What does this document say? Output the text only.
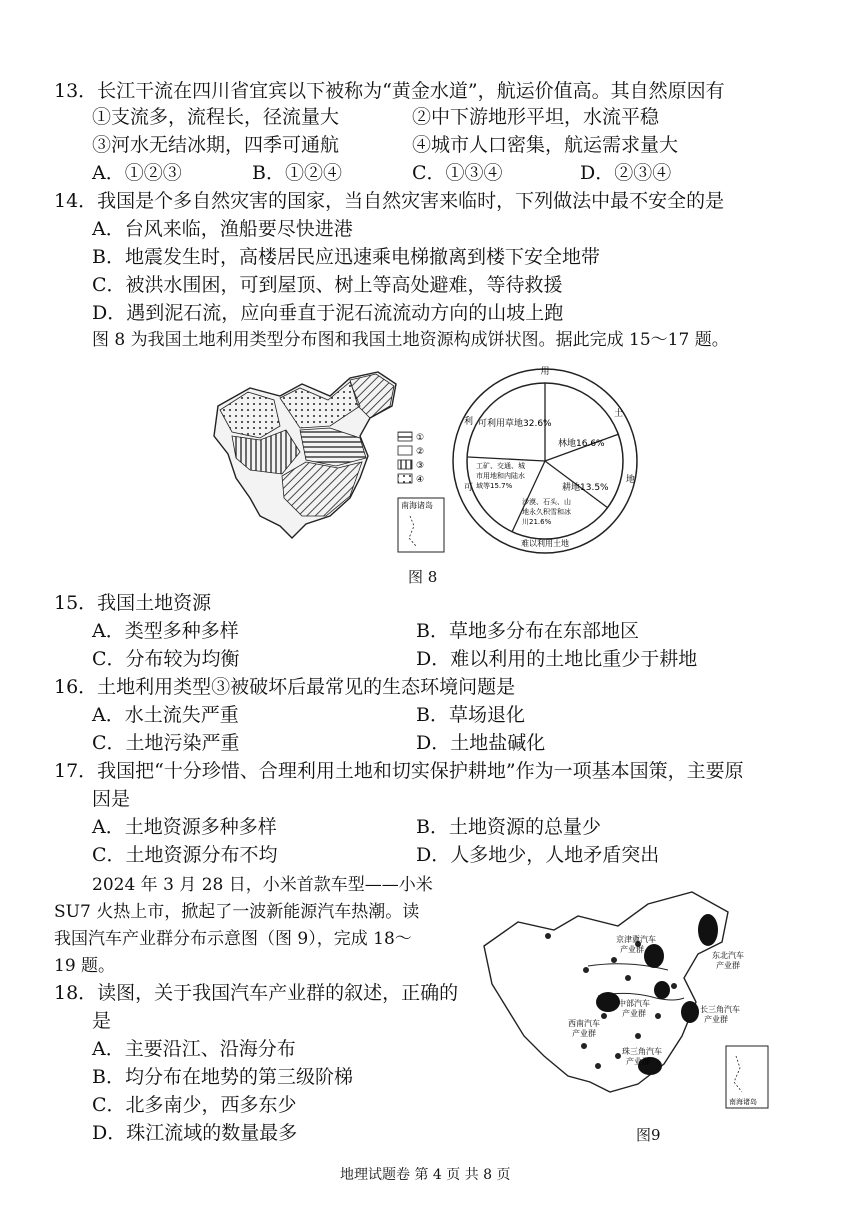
13．长江干流在四川省宜宾以下被称为“黄金水道”，航运价值高。其自然原因有
①支流多，流程长，径流量大	②中下游地形平坦，水流平稳
③河水无结冰期，四季可通航	④城市人口密集，航运需求量大
A．①②③	B．①②④	C．①③④	D．②③④
14．我国是个多自然灾害的国家，当自然灾害来临时，下列做法中最不安全的是
A．台风来临，渔船要尽快进港
B．地震发生时，高楼居民应迅速乘电梯撤离到楼下安全地带
C．被洪水围困，可到屋顶、树上等高处避难，等待救援
D．遇到泥石流，应向垂直于泥石流流动方向的山坡上跑
图 8 为我国土地利用类型分布图和我国土地资源构成饼状图。据此完成 15～17 题。
①
②
③
④
南海诸岛
用
土
地
利
可
难以利用土地
可利用草地32.6%
林地16.6%
耕地13.5%
工矿、交通、城
市用地和内陆水
域等15.7%
沙漠、石头、山
地永久积雪和冰
川21.6%
图 8
15．我国土地资源
A．类型多种多样	B．草地多分布在东部地区
C．分布较为均衡	D．难以利用的土地比重少于耕地
16．土地利用类型③被破坏后最常见的生态环境问题是
A．水土流失严重	B．草场退化
C．土地污染严重	D．土地盐碱化
17．我国把“十分珍惜、合理利用土地和切实保护耕地”作为一项基本国策，主要原
因是
A．土地资源多种多样	B．土地资源的总量少
C．土地资源分布不均	D．人多地少，人地矛盾突出
2024 年 3 月 28 日，小米首款车型——小米
SU7 火热上市，掀起了一波新能源汽车热潮。读
我国汽车产业群分布示意图（图 9），完成 18～
19 题。
18．读图，关于我国汽车产业群的叙述，正确的
是
A．主要沿江、沿海分布
B．均分布在地势的第三级阶梯
C．北多南少，西多东少
D．珠江流域的数量最多
京津冀汽车
产业群
东北汽车
产业群
中部汽车
产业群
西南汽车
产业群
长三角汽车
产业群
珠三角汽车
产业群
南海诸岛
图9
地理试题卷 第 4 页 共 8 页
